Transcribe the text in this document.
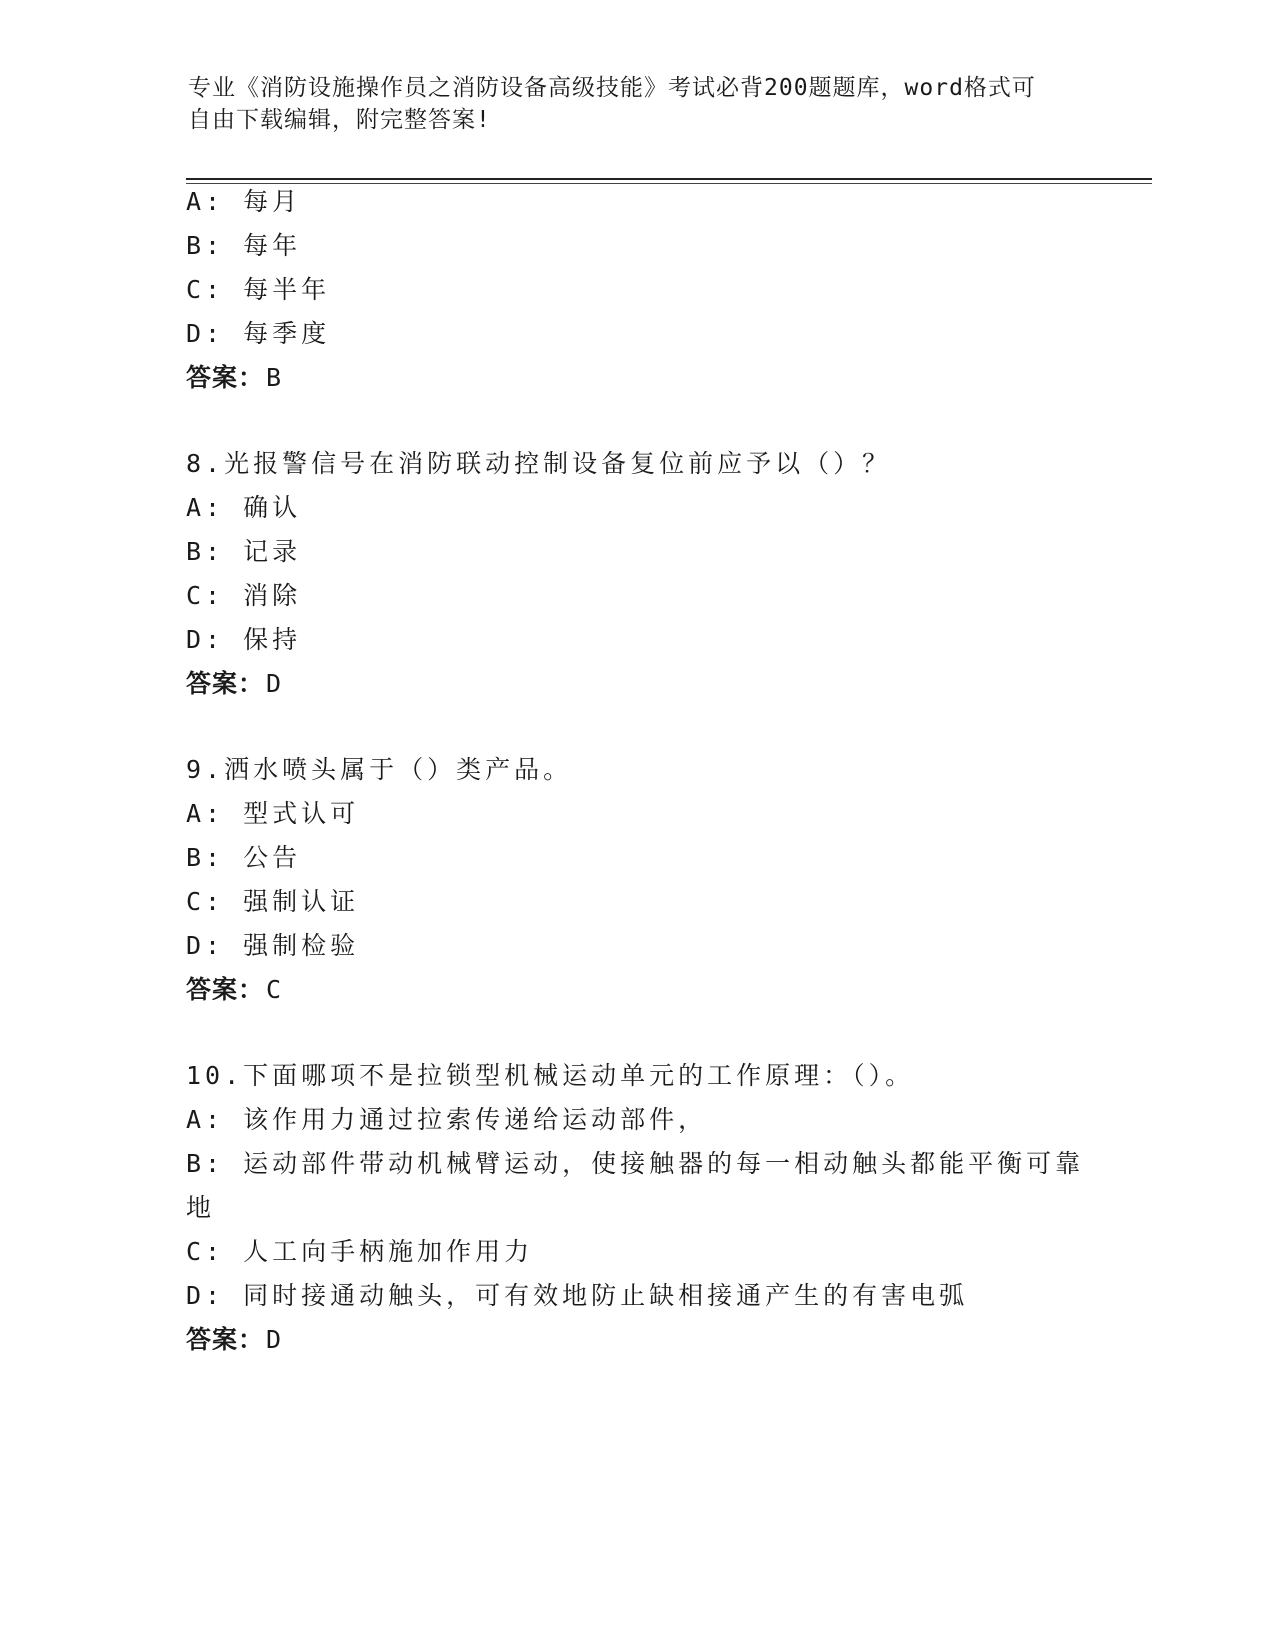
专业《消防设施操作员之消防设备高级技能》考试必背200题题库，word格式可
自由下载编辑，附完整答案!
A: 每月
B: 每年
C: 每半年
D: 每季度
答案：B
8.光报警信号在消防联动控制设备复位前应予以（）？
A: 确认
B: 记录
C: 消除
D: 保持
答案：D
9.洒水喷头属于（）类产品。
A: 型式认可
B: 公告
C: 强制认证
D: 强制检验
答案：C
10.下面哪项不是拉锁型机械运动单元的工作原理：（）。
A: 该作用力通过拉索传递给运动部件，
B: 运动部件带动机械臂运动，使接触器的每一相动触头都能平衡可靠
地
C: 人工向手柄施加作用力
D: 同时接通动触头，可有效地防止缺相接通产生的有害电弧
答案：D
